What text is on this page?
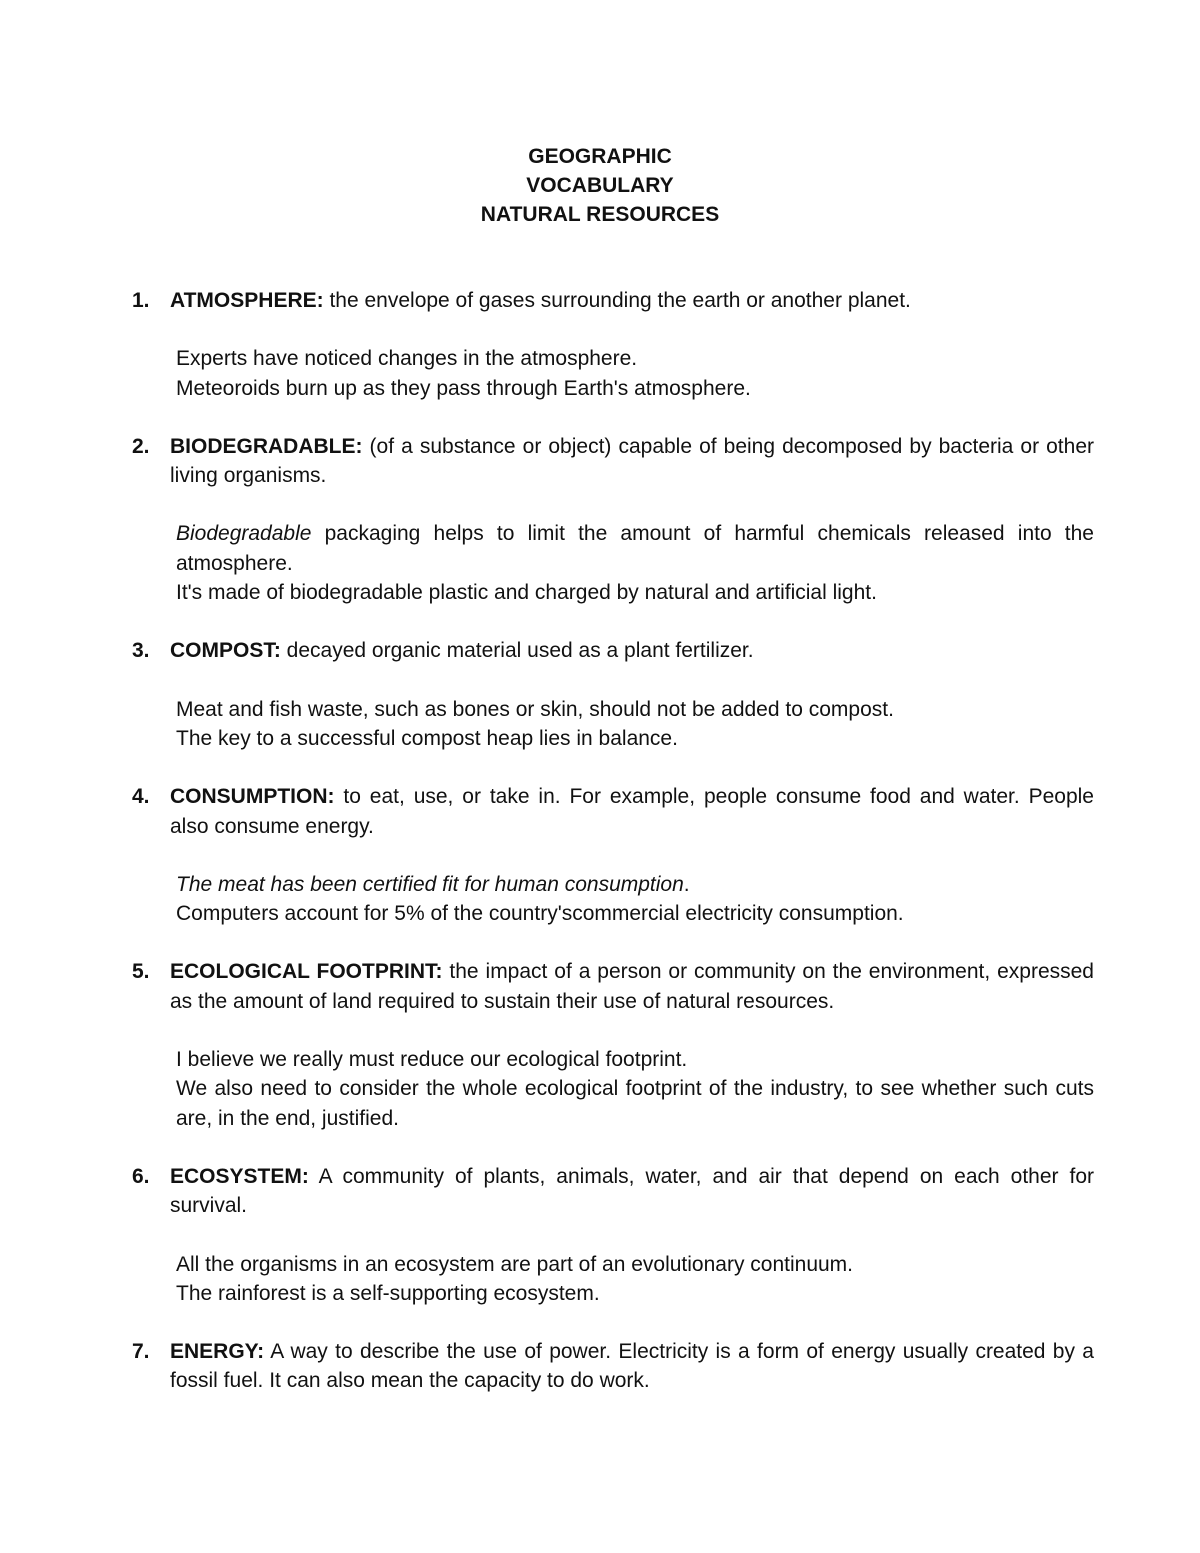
GEOGRAPHIC
VOCABULARY
NATURAL RESOURCES
1. ATMOSPHERE: the envelope of gases surrounding the earth or another planet.

Experts have noticed changes in the atmosphere.

Meteoroids burn up as they pass through Earth's atmosphere.

2. BIODEGRADABLE: (of a substance or object) capable of being decomposed by bacteria or other living organisms.

Biodegradable packaging helps to limit the amount of harmful chemicals released into the atmosphere.

It's made of biodegradable plastic and charged by natural and artificial light.

3. COMPOST: decayed organic material used as a plant fertilizer.

Meat and fish waste, such as bones or skin, should not be added to compost.

The key to a successful compost heap lies in balance.

4. CONSUMPTION: to eat, use, or take in. For example, people consume food and water. People also consume energy.

The meat has been certified fit for human consumption.

Computers account for 5% of the country'scommercial electricity consumption.

5. ECOLOGICAL FOOTPRINT: the impact of a person or community on the environment, expressed as the amount of land required to sustain their use of natural resources.

I believe we really must reduce our ecological footprint.

We also need to consider the whole ecological footprint of the industry, to see whether such cuts are, in the end, justified.

6. ECOSYSTEM: A community of plants, animals, water, and air that depend on each other for survival.

All the organisms in an ecosystem are part of an evolutionary continuum.

The rainforest is a self-supporting ecosystem.

7. ENERGY: A way to describe the use of power. Electricity is a form of energy usually created by a fossil fuel. It can also mean the capacity to do work.
